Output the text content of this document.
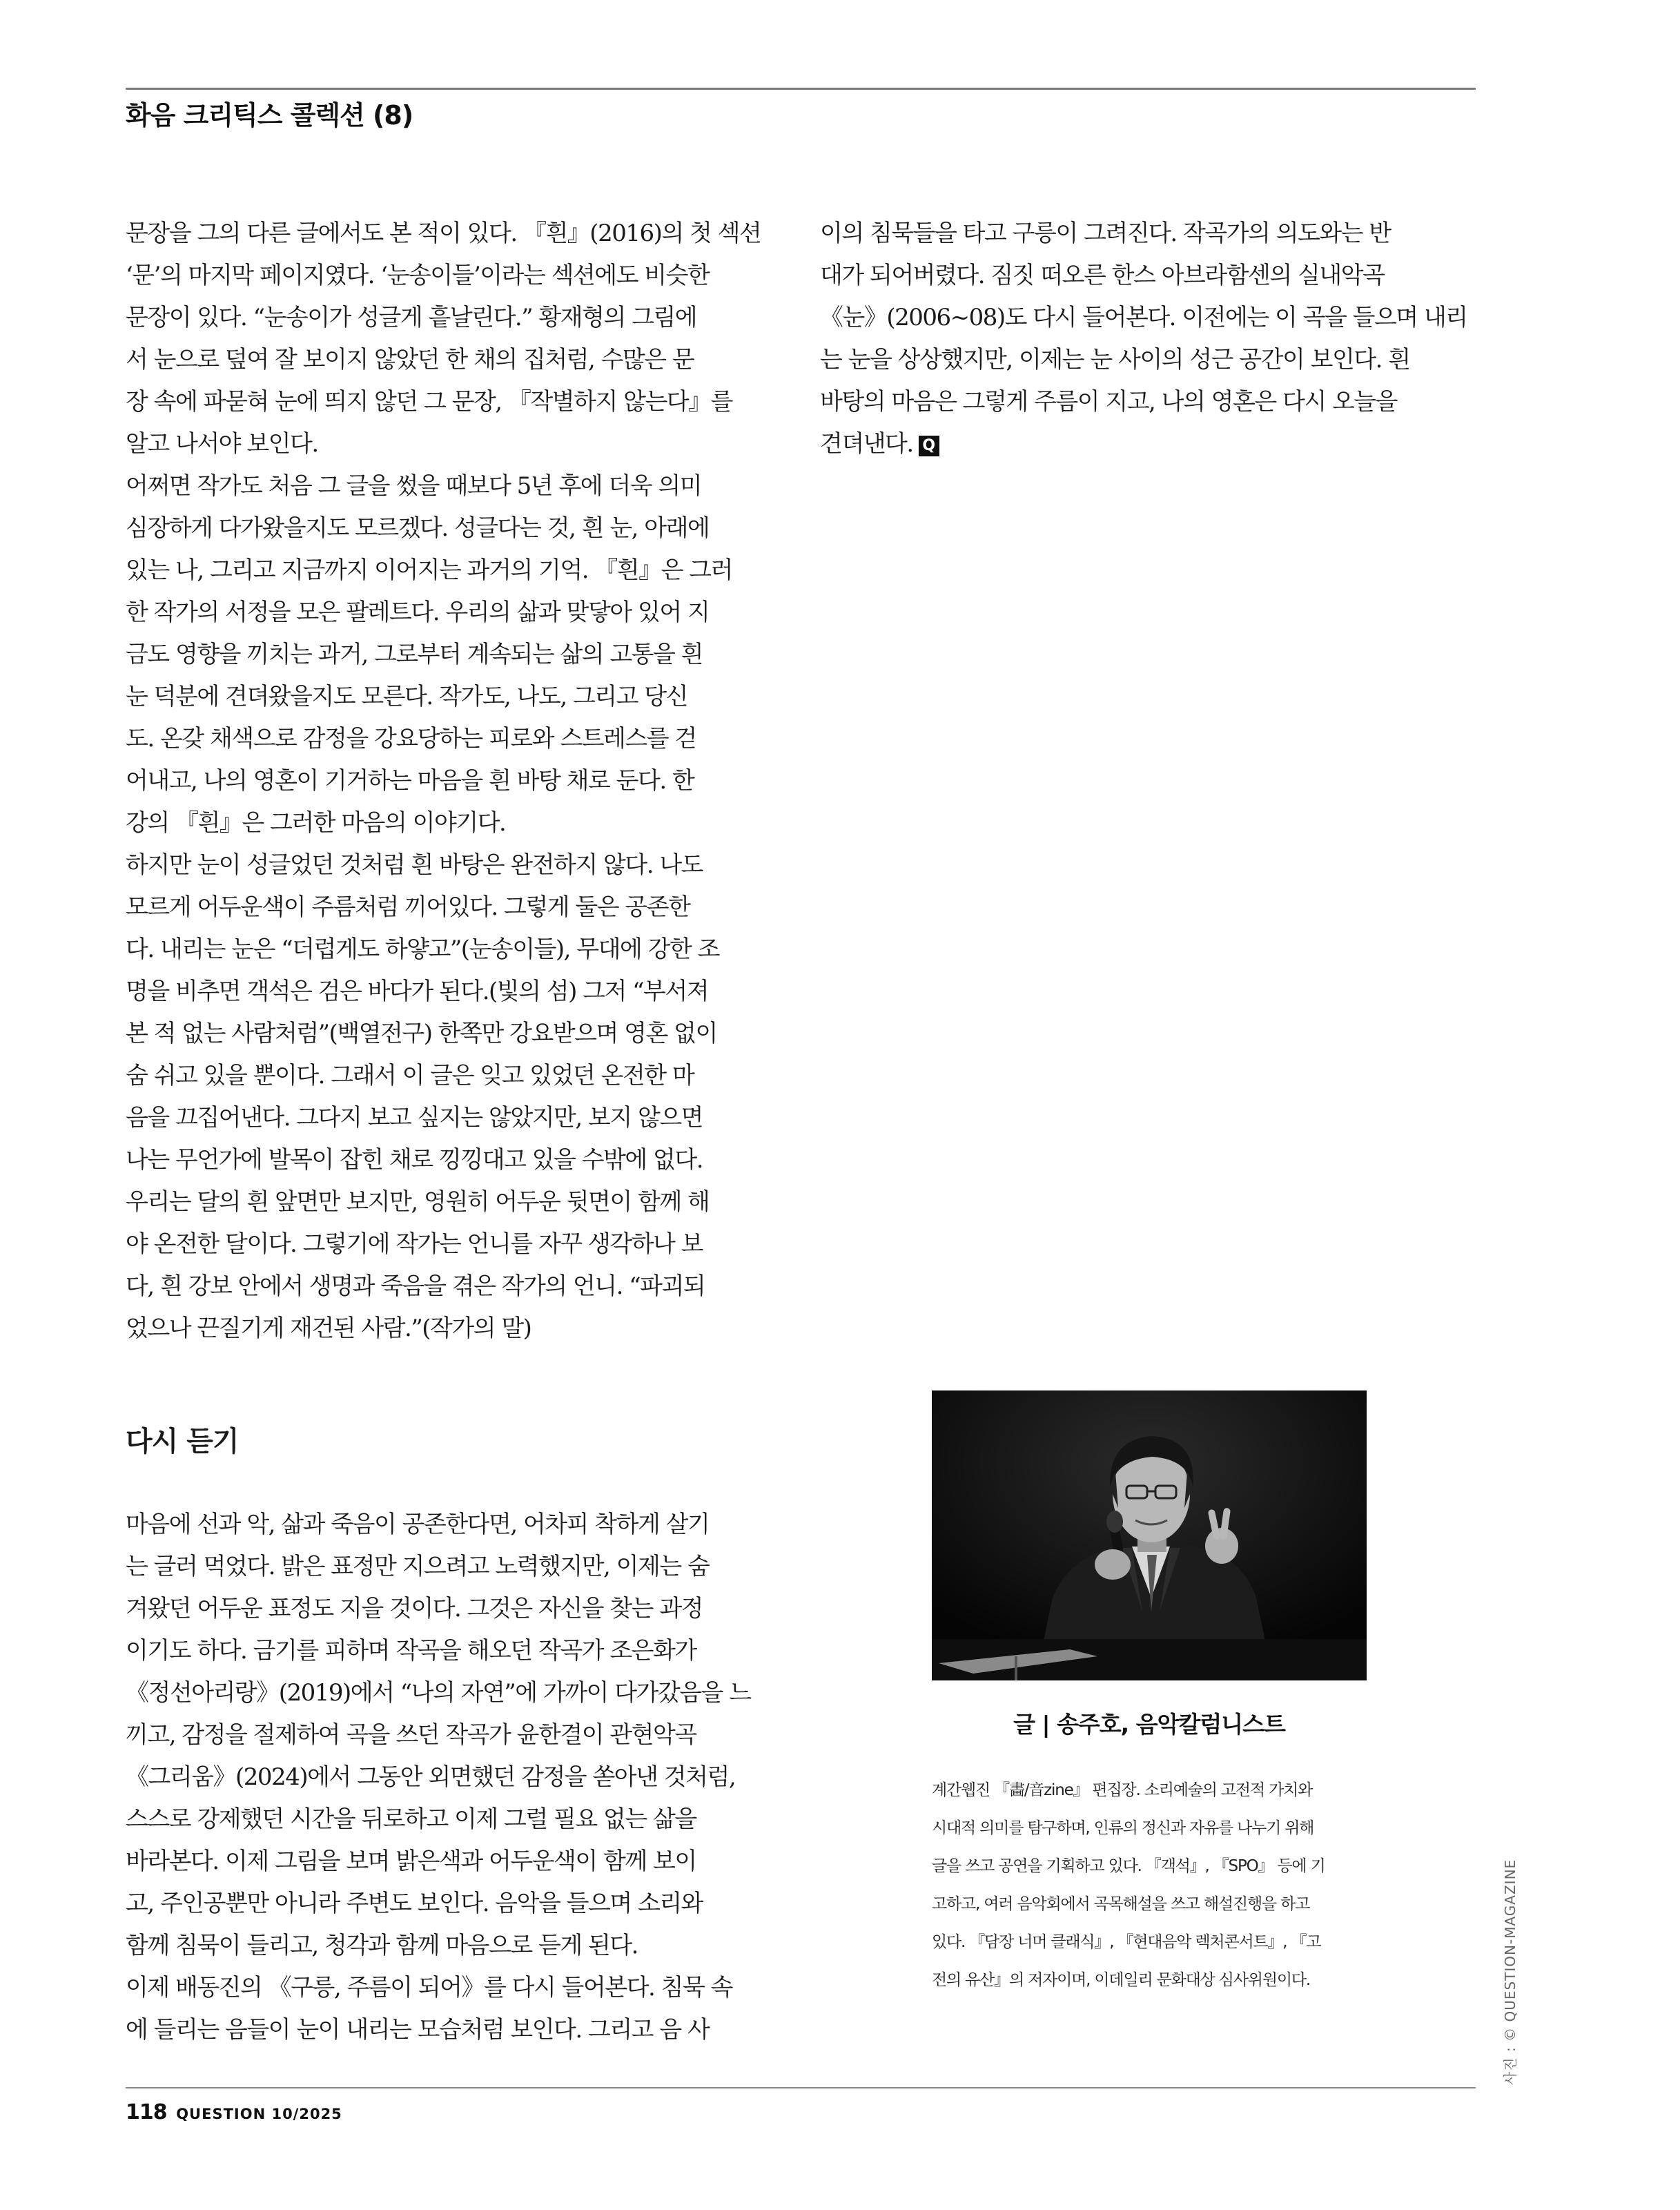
화음 크리틱스 콜렉션 (8)

문장을 그의 다른 글에서도 본 적이 있다. 『흰』(2016)의 첫 섹션

‘문’의 마지막 페이지였다. ‘눈송이들’이라는 섹션에도 비슷한

문장이 있다. “눈송이가 성글게 흩날린다.” 황재형의 그림에

서 눈으로 덮여 잘 보이지 않았던 한 채의 집처럼, 수많은 문

장 속에 파묻혀 눈에 띄지 않던 그 문장, 『작별하지 않는다』를

알고 나서야 보인다.

어쩌면 작가도 처음 그 글을 썼을 때보다 5년 후에 더욱 의미

심장하게 다가왔을지도 모르겠다. 성글다는 것, 흰 눈, 아래에

있는 나, 그리고 지금까지 이어지는 과거의 기억. 『흰』은 그러

한 작가의 서정을 모은 팔레트다. 우리의 삶과 맞닿아 있어 지

금도 영향을 끼치는 과거, 그로부터 계속되는 삶의 고통을 흰

눈 덕분에 견뎌왔을지도 모른다. 작가도, 나도, 그리고 당신

도. 온갖 채색으로 감정을 강요당하는 피로와 스트레스를 걷

어내고, 나의 영혼이 기거하는 마음을 흰 바탕 채로 둔다. 한

강의 『흰』은 그러한 마음의 이야기다.

하지만 눈이 성글었던 것처럼 흰 바탕은 완전하지 않다. 나도

모르게 어두운색이 주름처럼 끼어있다. 그렇게 둘은 공존한

다. 내리는 눈은 “더럽게도 하얗고”(눈송이들), 무대에 강한 조

명을 비추면 객석은 검은 바다가 된다.(빛의 섬) 그저 “부서져

본 적 없는 사람처럼”(백열전구) 한쪽만 강요받으며 영혼 없이

숨 쉬고 있을 뿐이다. 그래서 이 글은 잊고 있었던 온전한 마

음을 끄집어낸다. 그다지 보고 싶지는 않았지만, 보지 않으면

나는 무언가에 발목이 잡힌 채로 낑낑대고 있을 수밖에 없다.

우리는 달의 흰 앞면만 보지만, 영원히 어두운 뒷면이 함께 해

야 온전한 달이다. 그렇기에 작가는 언니를 자꾸 생각하나 보

다, 흰 강보 안에서 생명과 죽음을 겪은 작가의 언니. “파괴되

었으나 끈질기게 재건된 사람.”(작가의 말)

다시 듣기

마음에 선과 악, 삶과 죽음이 공존한다면, 어차피 착하게 살기

는 글러 먹었다. 밝은 표정만 지으려고 노력했지만, 이제는 숨

겨왔던 어두운 표정도 지을 것이다. 그것은 자신을 찾는 과정

이기도 하다. 금기를 피하며 작곡을 해오던 작곡가 조은화가

《정선아리랑》(2019)에서 “나의 자연”에 가까이 다가갔음을 느

끼고, 감정을 절제하여 곡을 쓰던 작곡가 윤한결이 관현악곡

《그리움》(2024)에서 그동안 외면했던 감정을 쏟아낸 것처럼,

스스로 강제했던 시간을 뒤로하고 이제 그럴 필요 없는 삶을

바라본다. 이제 그림을 보며 밝은색과 어두운색이 함께 보이

고, 주인공뿐만 아니라 주변도 보인다. 음악을 들으며 소리와

함께 침묵이 들리고, 청각과 함께 마음으로 듣게 된다.

이제 배동진의 《구릉, 주름이 되어》를 다시 들어본다. 침묵 속

에 들리는 음들이 눈이 내리는 모습처럼 보인다. 그리고 음 사

이의 침묵들을 타고 구릉이 그려진다. 작곡가의 의도와는 반

대가 되어버렸다. 짐짓 떠오른 한스 아브라함센의 실내악곡

《눈》(2006~08)도 다시 들어본다. 이전에는 이 곡을 들으며 내리

는 눈을 상상했지만, 이제는 눈 사이의 성근 공간이 보인다. 흰

바탕의 마음은 그렇게 주름이 지고, 나의 영혼은 다시 오늘을

견뎌낸다. Q

글 | 송주호, 음악칼럼니스트

계간웹진 『畵/音zine』 편집장. 소리예술의 고전적 가치와

시대적 의미를 탐구하며, 인류의 정신과 자유를 나누기 위해

글을 쓰고 공연을 기획하고 있다. 『객석』, 『SPO』 등에 기

고하고, 여러 음악회에서 곡목해설을 쓰고 해설진행을 하고

있다. 『담장 너머 클래식』, 『현대음악 렉처콘서트』, 『고

전의 유산』의 저자이며, 이데일리 문화대상 심사위원이다.	사진 : © QUESTION-MAGAZINE
118 QUESTION 10/2025
